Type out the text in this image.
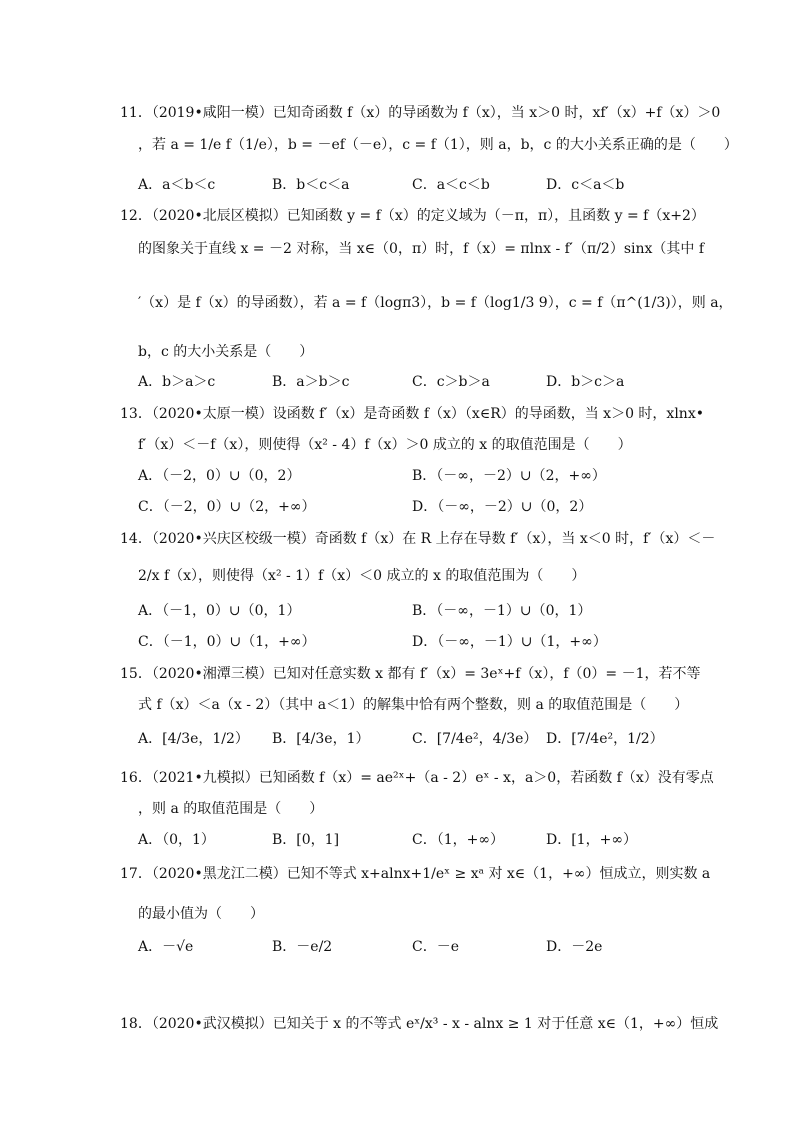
11．（2019•咸阳一模）已知奇函数 f（x）的导函数为 f（x），当 x＞0 时，xf′（x）+f（x）＞0
，若 a = 1/e f（1/e），b = －ef（－e），c = f（1），则 a，b，c 的大小关系正确的是（　　）
A．a＜b＜c	B．b＜c＜a	C．a＜c＜b	D．c＜a＜b
12．（2020•北辰区模拟）已知函数 y = f（x）的定义域为（－π，π），且函数 y = f（x+2）
的图象关于直线 x = －2 对称，当 x∈（0，π）时，f（x）= πlnx - f′（π/2）sinx（其中 f
′（x）是 f（x）的导函数），若 a = f（logπ3），b = f（log1/3 9），c = f（π^(1/3)），则 a，
b，c 的大小关系是（　　）
A．b＞a＞c	B．a＞b＞c	C．c＞b＞a	D．b＞c＞a
13．（2020•太原一模）设函数 f′（x）是奇函数 f（x）（x∈R）的导函数，当 x＞0 时，xlnx•
f′（x）＜－f（x），则使得（x² - 4）f（x）＞0 成立的 x 的取值范围是（　　）
A．（－2，0）∪（0，2）	B．（－∞，－2）∪（2，+∞）
C．（－2，0）∪（2，+∞）	D．（－∞，－2）∪（0，2）
14．（2020•兴庆区校级一模）奇函数 f（x）在 R 上存在导数 f′（x），当 x＜0 时，f′（x）＜－
2/x f（x），则使得（x² - 1）f（x）＜0 成立的 x 的取值范围为（　　）
A．（－1，0）∪（0，1）	B．（－∞，－1）∪（0，1）
C．（－1，0）∪（1，+∞）	D．（－∞，－1）∪（1，+∞）
15．（2020•湘潭三模）已知对任意实数 x 都有 f′（x）= 3eˣ+f（x），f（0）= －1，若不等
式 f（x）＜a（x - 2）（其中 a＜1）的解集中恰有两个整数，则 a 的取值范围是（　　）
A．[4/3e，1/2） B．[4/3e，1）	C．[7/4e²，4/3e） D．[7/4e²，1/2）
16．（2021•九模拟）已知函数 f（x）= ae²ˣ+（a - 2）eˣ - x，a＞0，若函数 f（x）没有零点
，则 a 的取值范围是（　　）
A．（0，1）	B．[0，1]	C．（1，+∞）	D．[1，+∞）
17．（2020•黑龙江二模）已知不等式 x+alnx+1/eˣ ≥ xᵃ 对 x∈（1，+∞）恒成立，则实数 a
的最小值为（　　）
A．－√e	B．－e/2	C．－e	D．－2e
18．（2020•武汉模拟）已知关于 x 的不等式 eˣ/x³ - x - alnx ≥ 1 对于任意 x∈（1，+∞）恒成
